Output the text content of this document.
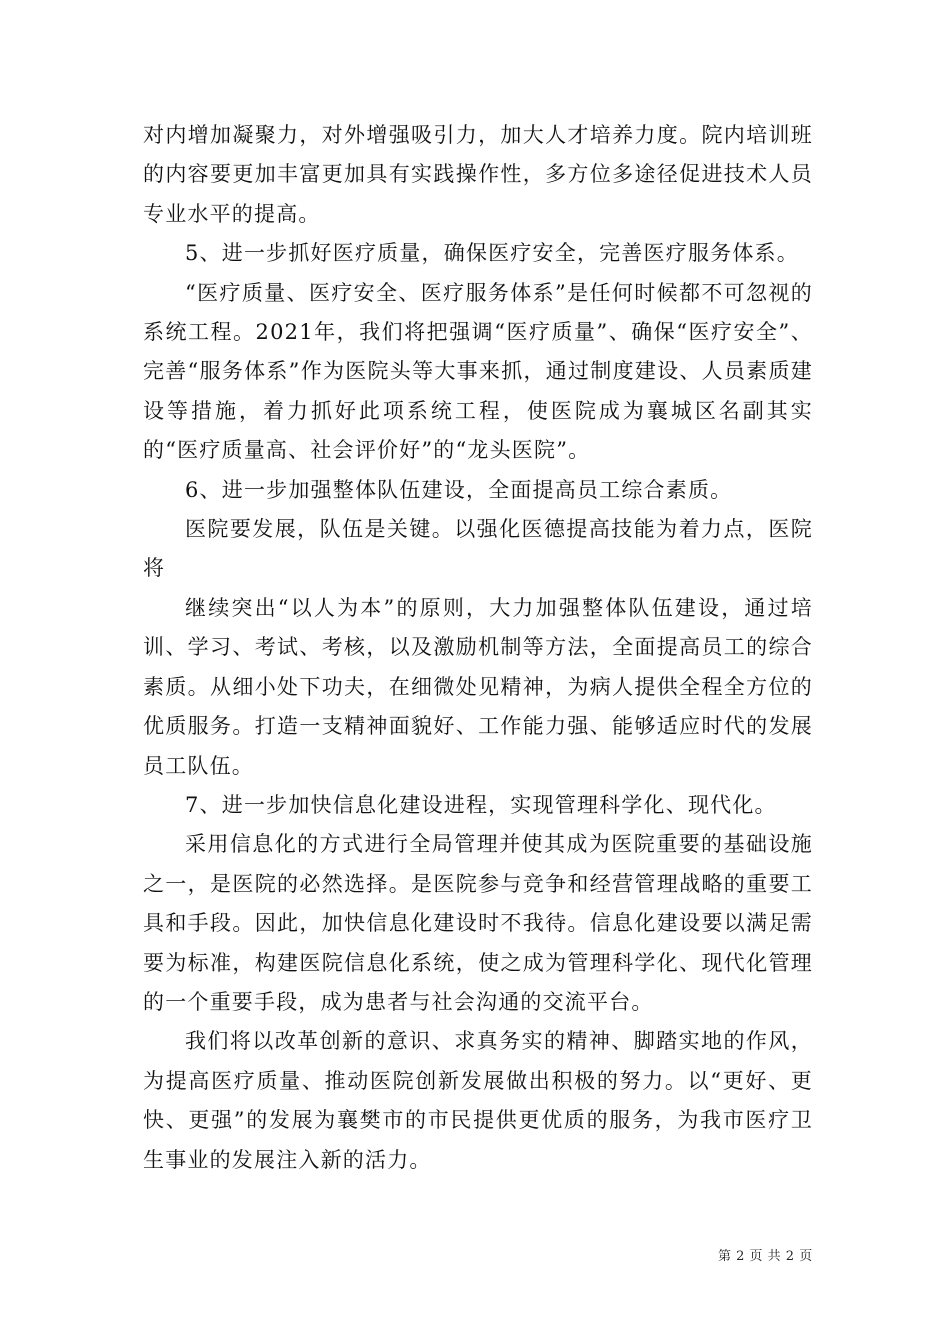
对内增加凝聚力，对外增强吸引力，加大人才培养力度。院内培训班的内容要更加丰富更加具有实践操作性，多方位多途径促进技术人员专业水平的提高。

5、进一步抓好医疗质量，确保医疗安全，完善医疗服务体系。

“医疗质量、医疗安全、医疗服务体系”是任何时候都不可忽视的系统工程。2021年，我们将把强调“医疗质量”、确保“医疗安全”、完善“服务体系”作为医院头等大事来抓，通过制度建设、人员素质建设等措施，着力抓好此项系统工程，使医院成为襄城区名副其实的“医疗质量高、社会评价好”的“龙头医院”。

6、进一步加强整体队伍建设，全面提高员工综合素质。

医院要发展，队伍是关键。以强化医德提高技能为着力点，医院将

继续突出“以人为本”的原则，大力加强整体队伍建设，通过培训、学习、考试、考核，以及激励机制等方法，全面提高员工的综合素质。从细小处下功夫，在细微处见精神，为病人提供全程全方位的优质服务。打造一支精神面貌好、工作能力强、能够适应时代的发展员工队伍。

7、进一步加快信息化建设进程，实现管理科学化、现代化。

采用信息化的方式进行全局管理并使其成为医院重要的基础设施之一，是医院的必然选择。是医院参与竞争和经营管理战略的重要工具和手段。因此，加快信息化建设时不我待。信息化建设要以满足需要为标准，构建医院信息化系统，使之成为管理科学化、现代化管理的一个重要手段，成为患者与社会沟通的交流平台。

我们将以改革创新的意识、求真务实的精神、脚踏实地的作风，为提高医疗质量、推动医院创新发展做出积极的努力。以“更好、更快、更强”的发展为襄樊市的市民提供更优质的服务，为我市医疗卫生事业的发展注入新的活力。

第 2 页 共 2 页
